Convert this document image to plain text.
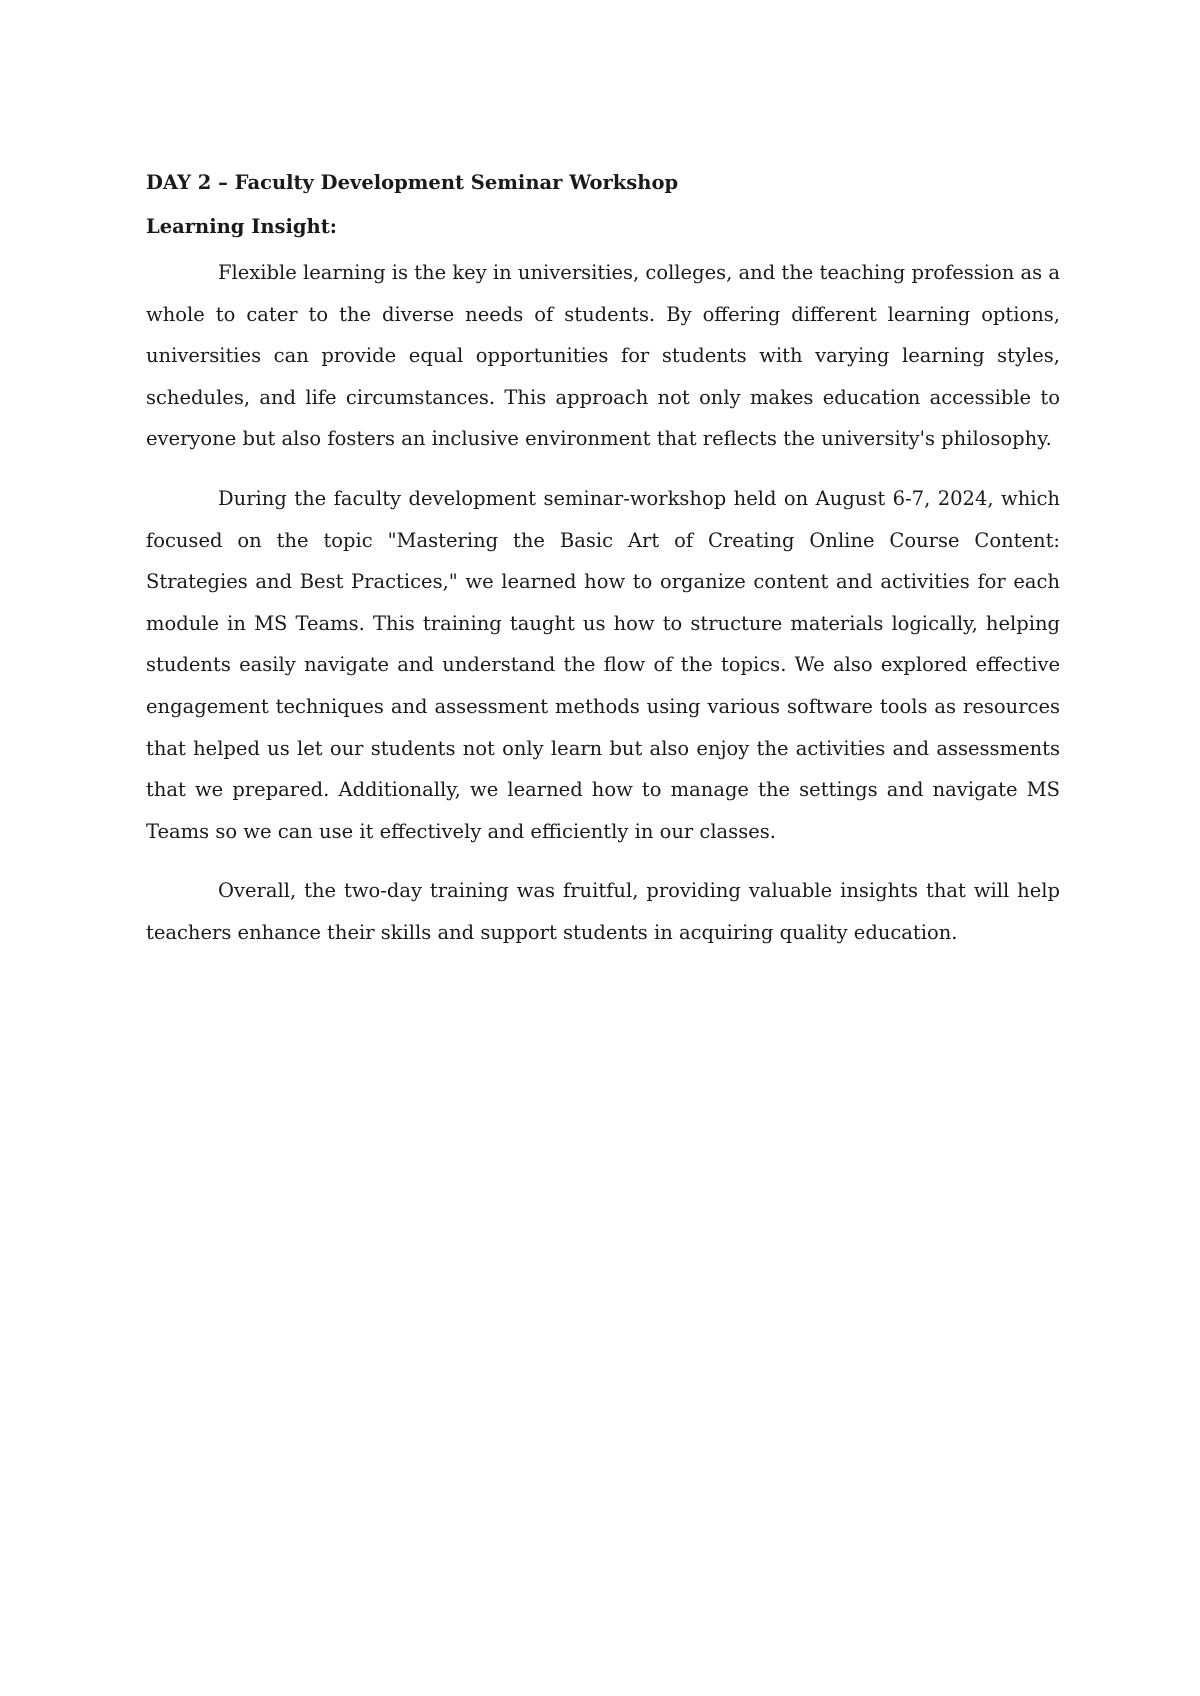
DAY 2 – Faculty Development Seminar Workshop
Learning Insight:

Flexible learning is the key in universities, colleges, and the teaching profession as a whole to cater to the diverse needs of students. By offering different learning options, universities can provide equal opportunities for students with varying learning styles, schedules, and life circumstances. This approach not only makes education accessible to everyone but also fosters an inclusive environment that reflects the university's philosophy.

During the faculty development seminar-workshop held on August 6-7, 2024, which focused on the topic "Mastering the Basic Art of Creating Online Course Content: Strategies and Best Practices," we learned how to organize content and activities for each module in MS Teams. This training taught us how to structure materials logically, helping students easily navigate and understand the flow of the topics. We also explored effective engagement techniques and assessment methods using various software tools as resources that helped us let our students not only learn but also enjoy the activities and assessments that we prepared. Additionally, we learned how to manage the settings and navigate MS Teams so we can use it effectively and efficiently in our classes.

Overall, the two-day training was fruitful, providing valuable insights that will help teachers enhance their skills and support students in acquiring quality education.
